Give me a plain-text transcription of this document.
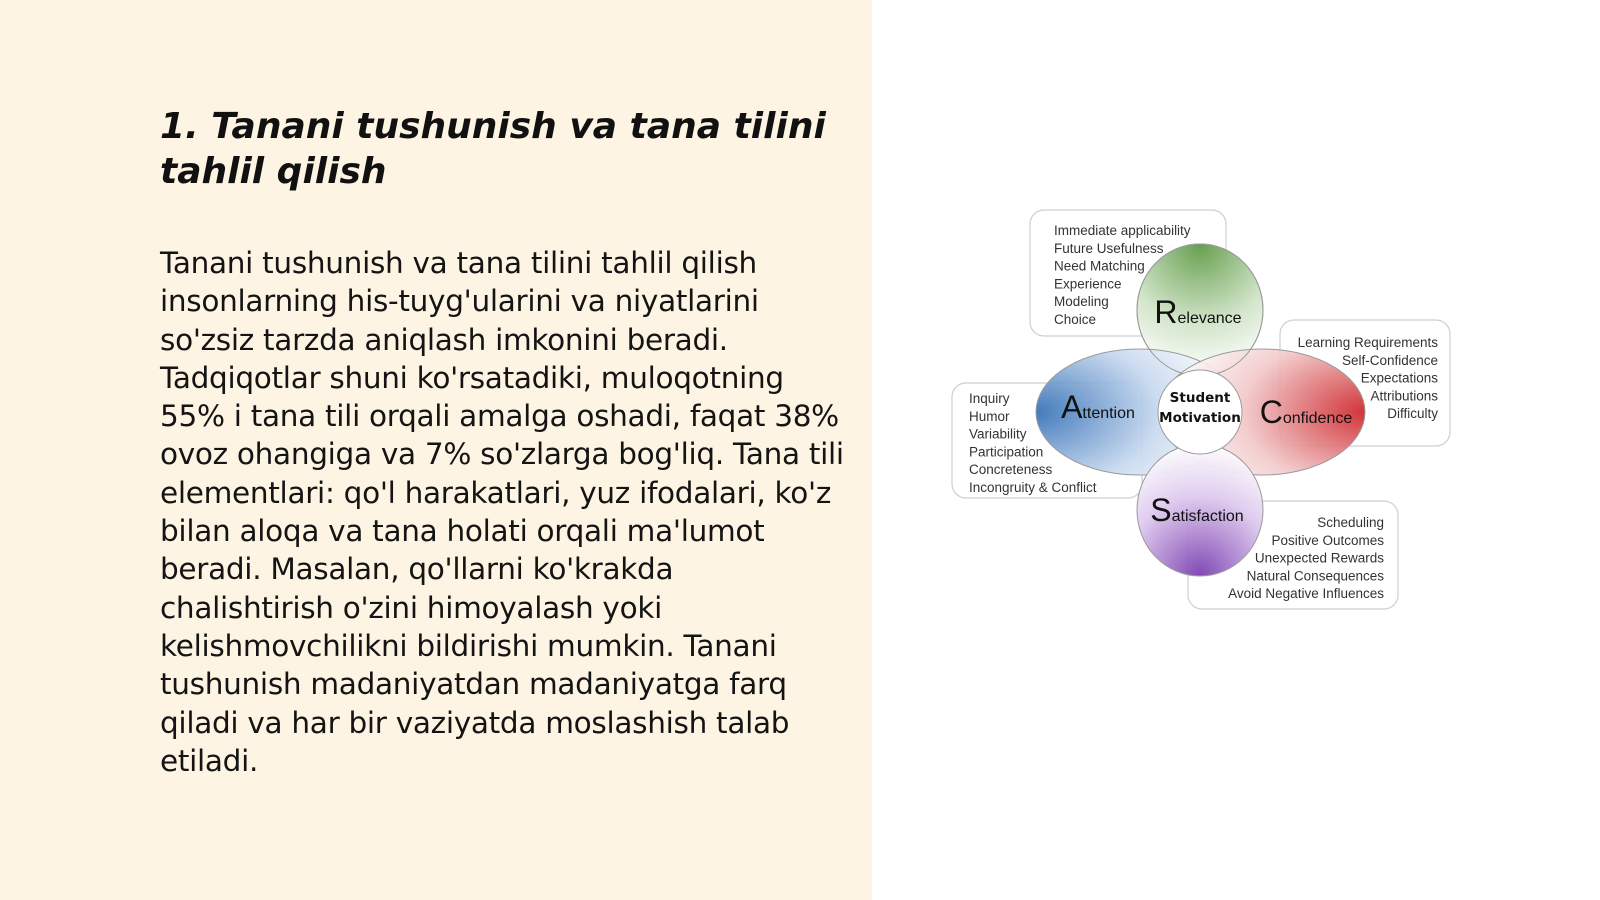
1. Tanani tushunish va tana tilini tahlil qilish

Tanani tushunish va tana tilini tahlil qilish insonlarning his-tuyg'ularini va niyatlarini so'zsiz tarzda aniqlash imkonini beradi. Tadqiqotlar shuni ko'rsatadiki, muloqotning 55% i tana tili orqali amalga oshadi, faqat 38% ovoz ohangiga va 7% so'zlarga bog'liq. Tana tili elementlari: qo'l harakatlari, yuz ifodalari, ko'z bilan aloqa va tana holati orqali ma'lumot beradi. Masalan, qo'llarni ko'krakda chalishtirish o'zini himoyalash yoki kelishmovchilikni bildirishi mumkin. Tanani tushunish madaniyatdan madaniyatga farq qiladi va har bir vaziyatda moslashish talab etiladi.

Relevance
Attention	Confidence
Satisfaction
Student
Motivation
Immediate applicability
Future Usefulness
Need Matching
Experience
Modeling
Choice
Inquiry
Humor
Variability
Participation
Concreteness
Incongruity & Conflict
Learning Requirements
Self-Confidence
Expectations
Attributions
Difficulty
Scheduling
Positive Outcomes
Unexpected Rewards
Natural Consequences
Avoid Negative Influences
